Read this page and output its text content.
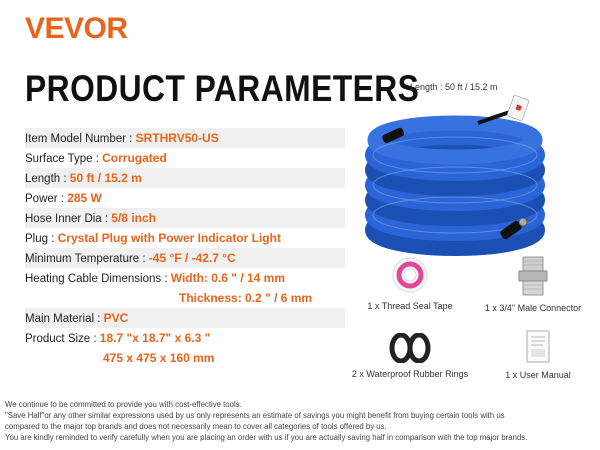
VEVOR
PRODUCT PARAMETERS
Item Model Number : SRTHRV50-US
Surface Type : Corrugated
Length : 50 ft / 15.2 m
Power : 285 W
Hose Inner Dia : 5/8 inch
Plug : Crystal Plug with Power Indicator Light
Minimum Temperature : -45 °F / -42.7 °C
Heating Cable Dimensions : Width: 0.6 " / 14 mm
Thickness: 0.2 " / 6 mm
Main Material : PVC
Product Size : 18.7 "x 18.7" x 6.3 "
475 x 475 x 160 mm
Length : 50 ft / 15.2 m
1 x Thread Seal Tape	1 x 3/4" Male Connector
2 x Waterproof Rubber Rings	1 x User Manual
We continue to be committed to provide you with cost-effective tools.
"Save Half"or any other similar expressions used by us only represents an estimate of savings you might benefit from buying certain tools with us
compared to the major top brands and does not necessarily mean to cover all categories of tools offered by us.
You are kindly reminded to verify carefully when you are placing an order with us if you are actually saving half in comparison with the top major brands.
